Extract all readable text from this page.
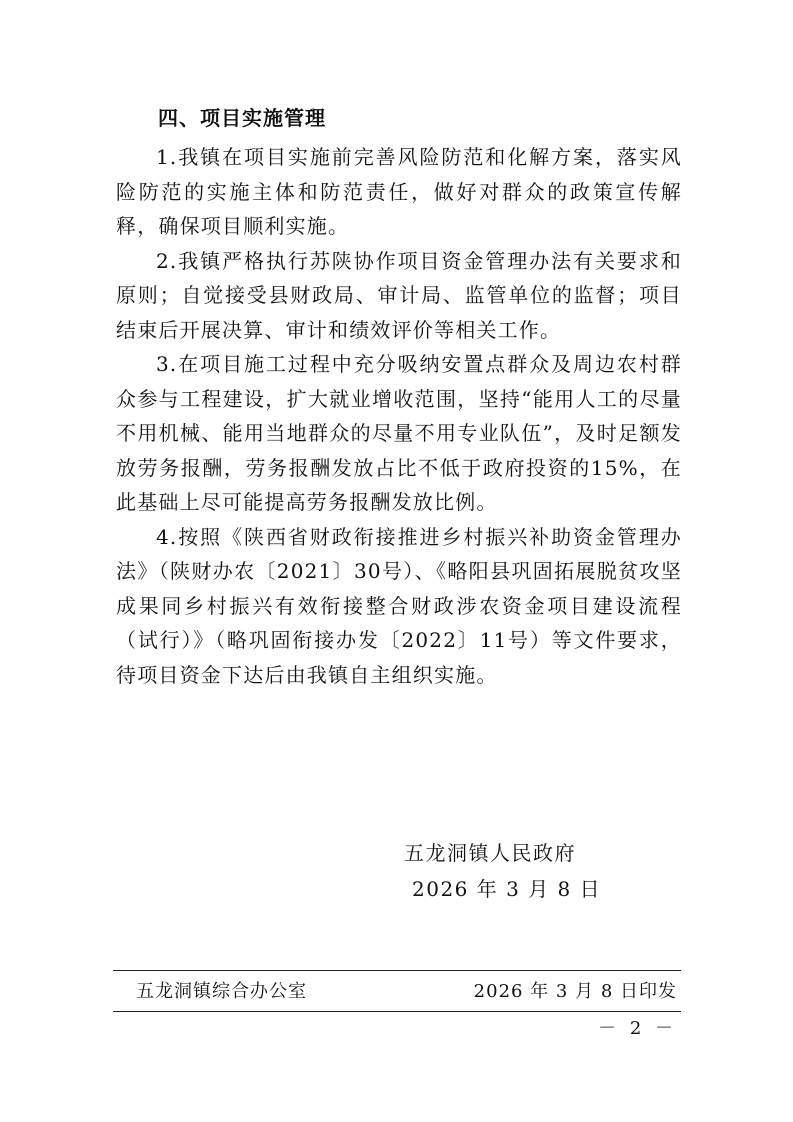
四、项目实施管理

1.我镇在项目实施前完善风险防范和化解方案，落实风险防范的实施主体和防范责任，做好对群众的政策宣传解释，确保项目顺利实施。

2.我镇严格执行苏陕协作项目资金管理办法有关要求和原则；自觉接受县财政局、审计局、监管单位的监督；项目结束后开展决算、审计和绩效评价等相关工作。

3.在项目施工过程中充分吸纳安置点群众及周边农村群众参与工程建设，扩大就业增收范围，坚持“能用人工的尽量不用机械、能用当地群众的尽量不用专业队伍”，及时足额发放劳务报酬，劳务报酬发放占比不低于政府投资的15%，在此基础上尽可能提高劳务报酬发放比例。

4.按照《陕西省财政衔接推进乡村振兴补助资金管理办法》（陕财办农〔2021〕30号）、《略阳县巩固拓展脱贫攻坚成果同乡村振兴有效衔接整合财政涉农资金项目建设流程（试行）》（略巩固衔接办发〔2022〕11号）等文件要求，待项目资金下达后由我镇自主组织实施。

五龙洞镇人民政府
2026 年 3 月 8 日
五龙洞镇综合办公室	2026 年 3 月 8 日印发
－ 2 －
